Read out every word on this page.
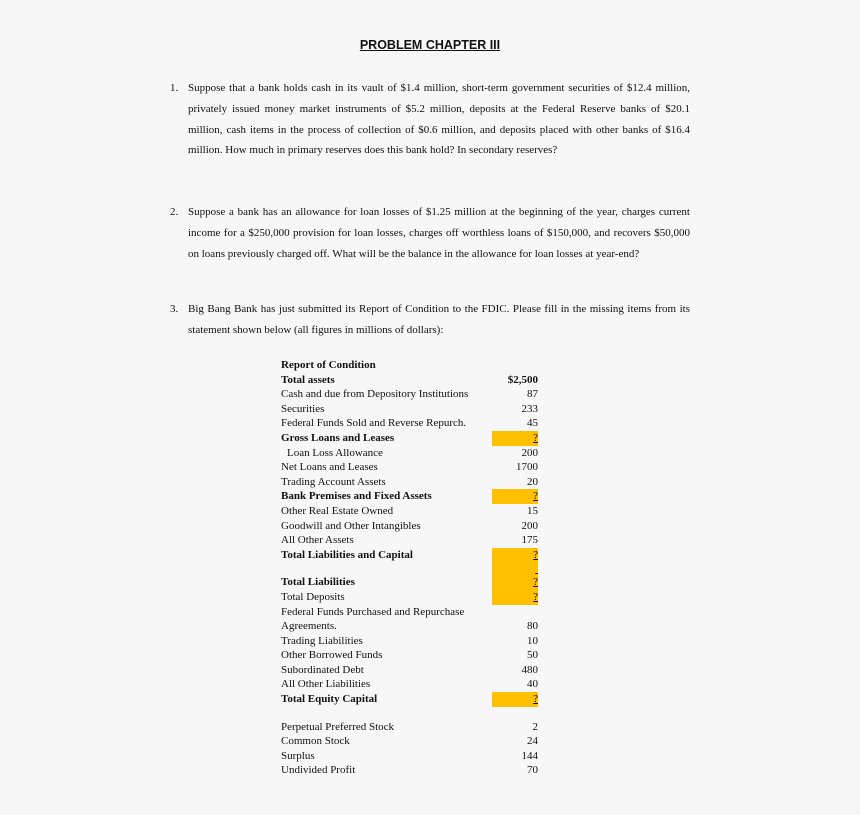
PROBLEM CHAPTER III
1. Suppose that a bank holds cash in its vault of $1.4 million, short-term government securities of $12.4 million, privately issued money market instruments of $5.2 million, deposits at the Federal Reserve banks of $20.1 million, cash items in the process of collection of $0.6 million, and deposits placed with other banks of $16.4 million. How much in primary reserves does this bank hold? In secondary reserves?
2. Suppose a bank has an allowance for loan losses of $1.25 million at the beginning of the year, charges current income for a $250,000 provision for loan losses, charges off worthless loans of $150,000, and recovers $50,000 on loans previously charged off. What will be the balance in the allowance for loan losses at year-end?
3. Big Bang Bank has just submitted its Report of Condition to the FDIC. Please fill in the missing items from its statement shown below (all figures in millions of dollars):
Report of Condition
Total assets	$2,500
Cash and due from Depository Institutions	87
Securities	233
Federal Funds Sold and Reverse Repurch.	45
Gross Loans and Leases	?
Loan Loss Allowance	200
Net Loans and Leases	1700
Trading Account Assets	20
Bank Premises and Fixed Assets	?
Other Real Estate Owned	15
Goodwill and Other Intangibles	200
All Other Assets	175
Total Liabilities and Capital	?

Total Liabilities	?
Total Deposits	?
Federal Funds Purchased and Repurchase
Agreements.	80
Trading Liabilities	10
Other Borrowed Funds	50
Subordinated Debt	480
All Other Liabilities	40
Total Equity Capital	?
Perpetual Preferred Stock	2
Common Stock	24
Surplus	144
Undivided Profit	70
